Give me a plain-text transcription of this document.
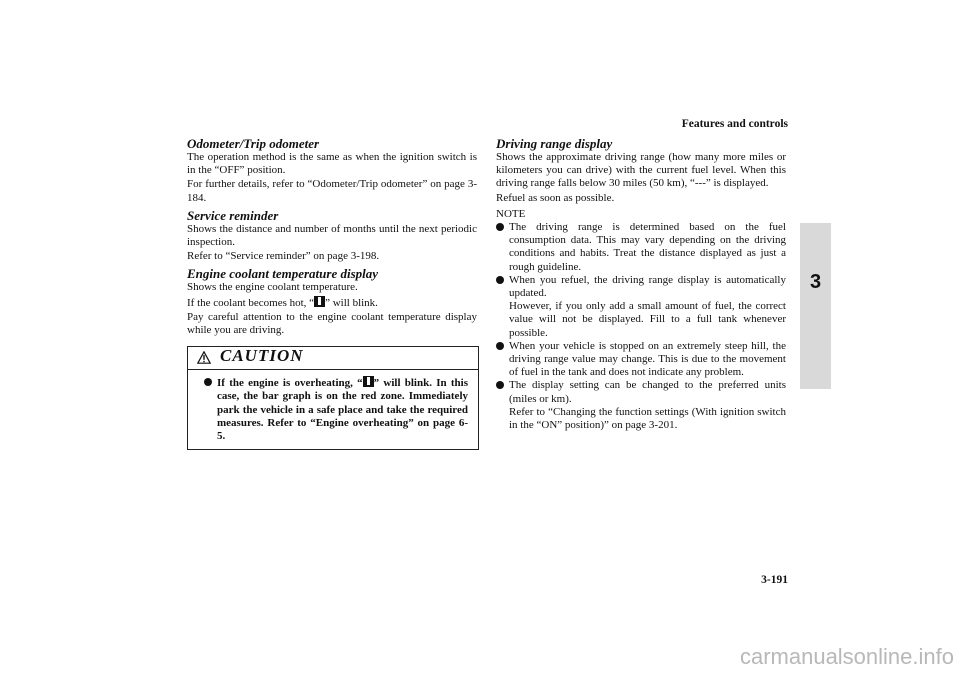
Features and controls
3
Odometer/Trip odometer

The operation method is the same as when the ignition switch is in the “OFF” position.

For further details, refer to “Odometer/Trip odometer” on page 3-184.

Service reminder

Shows the distance and number of months until the next periodic inspection.

Refer to “Service reminder” on page 3-198.

Engine coolant temperature display

Shows the engine coolant temperature.

If the coolant becomes hot, “ ” will blink.

Pay careful attention to the engine coolant temperature display while you are driving.

CAUTION
If the engine is overheating, “ ” will blink. In this case, the bar graph is on the red zone. Immediately park the vehicle in a safe place and take the required measures. Refer to “Engine overheating” on page 6-5.
Driving range display

Shows the approximate driving range (how many more miles or kilometers you can drive) with the current fuel level. When this driving range falls below 30 miles (50 km), “---” is displayed.

Refuel as soon as possible.

NOTE
The driving range is determined based on the fuel consumption data. This may vary depending on the driving conditions and habits. Treat the distance displayed as just a rough guideline.
When you refuel, the driving range display is automatically updated.
However, if you only add a small amount of fuel, the correct value will not be displayed. Fill to a full tank whenever possible.
When your vehicle is stopped on an extremely steep hill, the driving range value may change. This is due to the movement of fuel in the tank and does not indicate any problem.
The display setting can be changed to the preferred units (miles or km).
Refer to “Changing the function settings (With ignition switch in the “ON” position)” on page 3-201.
3-191
carmanualsonline.info
